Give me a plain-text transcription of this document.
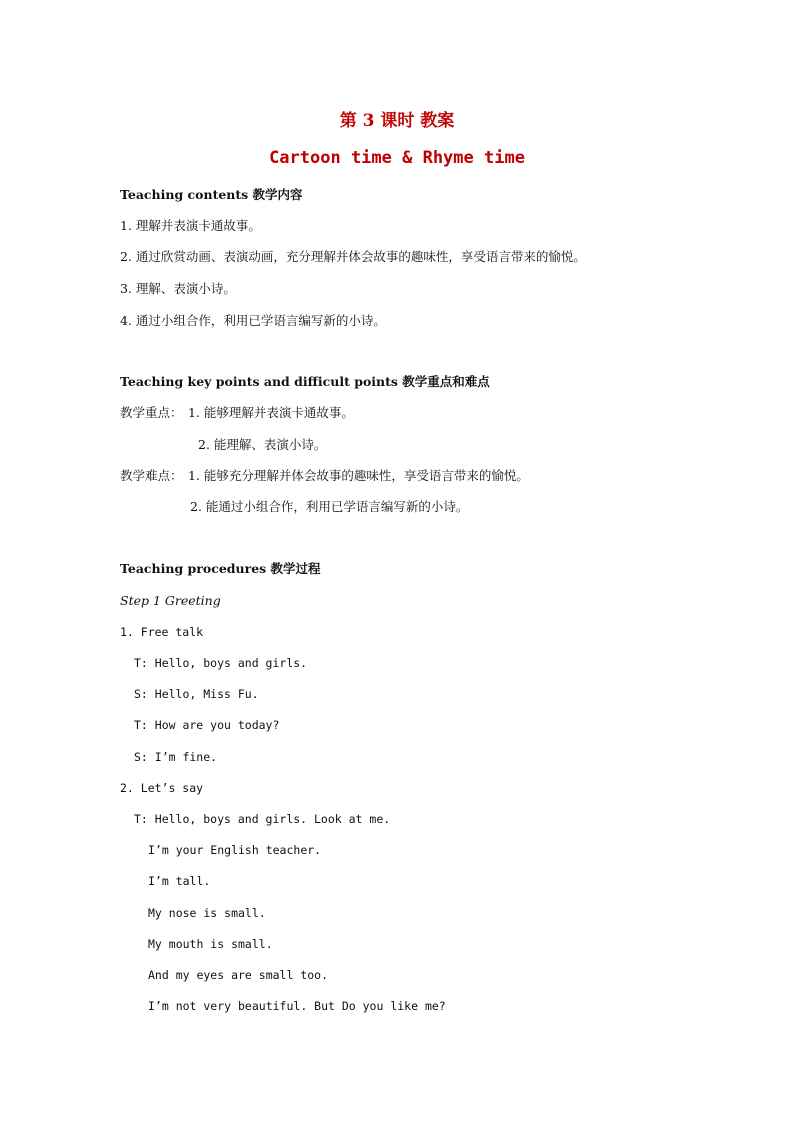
第 3 课时 教案
Cartoon time & Rhyme time
Teaching contents 教学内容
1. 理解并表演卡通故事。
2. 通过欣赏动画、表演动画，充分理解并体会故事的趣味性，享受语言带来的愉悦。
3. 理解、表演小诗。
4. 通过小组合作，利用已学语言编写新的小诗。
Teaching key points and difficult points 教学重点和难点
教学重点： 1. 能够理解并表演卡通故事。
2. 能理解、表演小诗。
教学难点： 1. 能够充分理解并体会故事的趣味性，享受语言带来的愉悦。
2. 能通过小组合作，利用已学语言编写新的小诗。
Teaching procedures 教学过程
Step 1 Greeting
1. Free talk
T: Hello, boys and girls.
S: Hello, Miss Fu.
T: How are you today?
S: I’m fine.
2. Let’s say
T: Hello, boys and girls. Look at me.
I’m your English teacher.
I’m tall.
My nose is small.
My mouth is small.
And my eyes are small too.
I’m not very beautiful. But Do you like me?
